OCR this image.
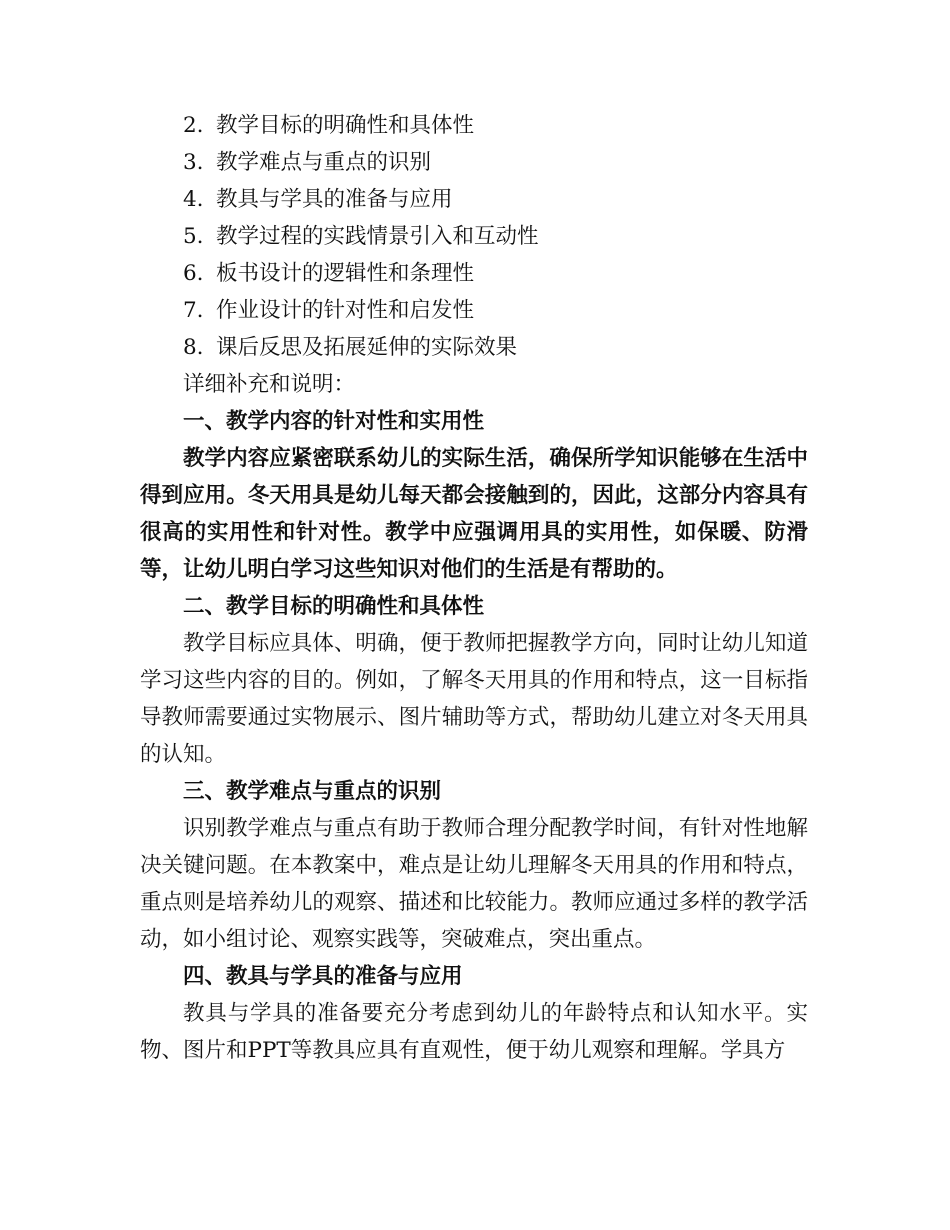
2. 教学目标的明确性和具体性
3. 教学难点与重点的识别
4. 教具与学具的准备与应用
5. 教学过程的实践情景引入和互动性
6. 板书设计的逻辑性和条理性
7. 作业设计的针对性和启发性
8. 课后反思及拓展延伸的实际效果
详细补充和说明：
一、教学内容的针对性和实用性

教学内容应紧密联系幼儿的实际生活，确保所学知识能够在生活中得到应用。冬天用具是幼儿每天都会接触到的，因此，这部分内容具有很高的实用性和针对性。教学中应强调用具的实用性，如保暖、防滑等，让幼儿明白学习这些知识对他们的生活是有帮助的。

二、教学目标的明确性和具体性

教学目标应具体、明确，便于教师把握教学方向，同时让幼儿知道学习这些内容的目的。例如，了解冬天用具的作用和特点，这一目标指导教师需要通过实物展示、图片辅助等方式，帮助幼儿建立对冬天用具的认知。

三、教学难点与重点的识别

识别教学难点与重点有助于教师合理分配教学时间，有针对性地解决关键问题。在本教案中，难点是让幼儿理解冬天用具的作用和特点，重点则是培养幼儿的观察、描述和比较能力。教师应通过多样的教学活动，如小组讨论、观察实践等，突破难点，突出重点。

四、教具与学具的准备与应用

教具与学具的准备要充分考虑到幼儿的年龄特点和认知水平。实物、图片和PPT等教具应具有直观性，便于幼儿观察和理解。学具方
